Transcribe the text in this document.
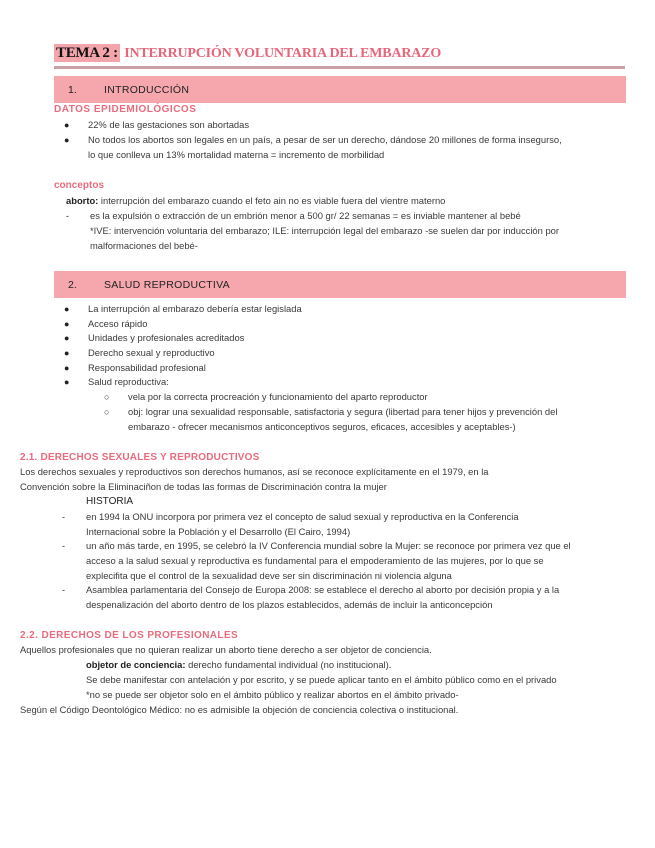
TEMA 2 : INTERRUPCIÓN VOLUNTARIA DEL EMBARAZO
1.	INTRODUCCIÓN
DATOS EPIDEMIOLÓGICOS
● 22% de las gestaciones son abortadas
● No todos los abortos son legales en un país, a pesar de ser un derecho, dándose 20 millones de forma insegurso,
lo que conlleva un 13% mortalidad materna = incremento de morbilidad
conceptos
aborto: interrupción del embarazo cuando el feto ain no es viable fuera del vientre materno
- es la expulsión o extracción de un embrión menor a 500 gr/ 22 semanas = es inviable mantener al bebé
*IVE: intervención voluntaria del embarazo; ILE: interrupción legal del embarazo -se suelen dar por inducción por
malformaciones del bebé-
2.	SALUD REPRODUCTIVA
● La interrupción al embarazo debería estar legislada
● Acceso rápido
● Unidades y profesionales acreditados
● Derecho sexual y reproductivo
● Responsabilidad profesional
● Salud reproductiva:
○ vela por la correcta procreación y funcionamiento del aparto reproductor
○ obj: lograr una sexualidad responsable, satisfactoria y segura (libertad para tener hijos y prevención del
embarazo - ofrecer mecanismos anticonceptivos seguros, eficaces, accesibles y aceptables-)
2.1. DERECHOS SEXUALES Y REPRODUCTIVOS
Los derechos sexuales y reproductivos son derechos humanos, así se reconoce explícitamente en el 1979, en la
Convención sobre la Eliminaciñon de todas las formas de Discriminación contra la mujer
HISTORIA
- en 1994 la ONU incorpora por primera vez el concepto de salud sexual y reproductiva en la Conferencia
Internacional sobre la Población y el Desarrollo (El Cairo, 1994)
- un año más tarde, en 1995, se celebró la IV Conferencia mundial sobre la Mujer: se reconoce por primera vez que el
acceso a la salud sexual y reproductiva es fundamental para el empoderamiento de las mujeres, por lo que se
explecifita que el control de la sexualidad deve ser sin discriminación ni violencia alguna
- Asamblea parlamentaria del Consejo de Europa 2008: se establece el derecho al aborto por decisión propia y a la
despenalización del aborto dentro de los plazos establecidos, además de incluir la anticoncepción
2.2. DERECHOS DE LOS PROFESIONALES
Aquellos profesionales que no quieran realizar un aborto tiene derecho a ser objetor de conciencia.
objetor de conciencia: derecho fundamental individual (no institucional).
Se debe manifestar con antelación y por escrito, y se puede aplicar tanto en el ámbito público como en el privado
*no se puede ser objetor solo en el ámbito público y realizar abortos en el ámbito privado-
Según el Código Deontológico Médico: no es admisible la objeción de conciencia colectiva o institucional.
